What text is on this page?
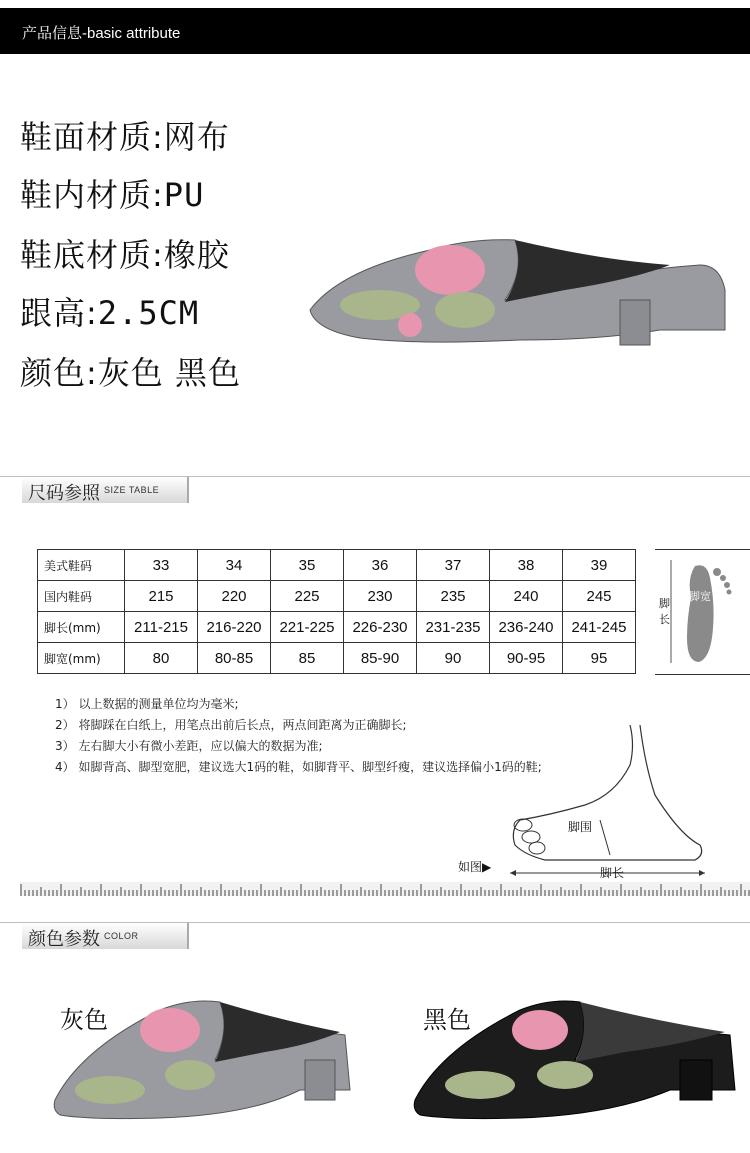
产品信息-basic attribute
鞋面材质:网布
鞋内材质:PU
鞋底材质:橡胶
跟高:2.5CM
颜色:灰色 黑色
尺码参照 SIZE TABLE
美式鞋码	33	34	35	36	37	38	39
国内鞋码	215	220	225	230	235	240	245
脚长(mm)	211-215	216-220	221-225	226-230	231-235	236-240	241-245
脚宽(mm)	80	80-85	85	85-90	90	90-95	95
脚长
脚宽
1） 以上数据的测量单位均为毫米;
2） 将脚踩在白纸上，用笔点出前后长点，两点间距离为正确脚长;
3） 左右脚大小有微小差距，应以偏大的数据为准;
4） 如脚背高、脚型宽肥，建议选大1码的鞋，如脚背平、脚型纤瘦，建议选择偏小1码的鞋;
脚围
脚长
如图▶
颜色参数 COLOR
灰色	黑色
